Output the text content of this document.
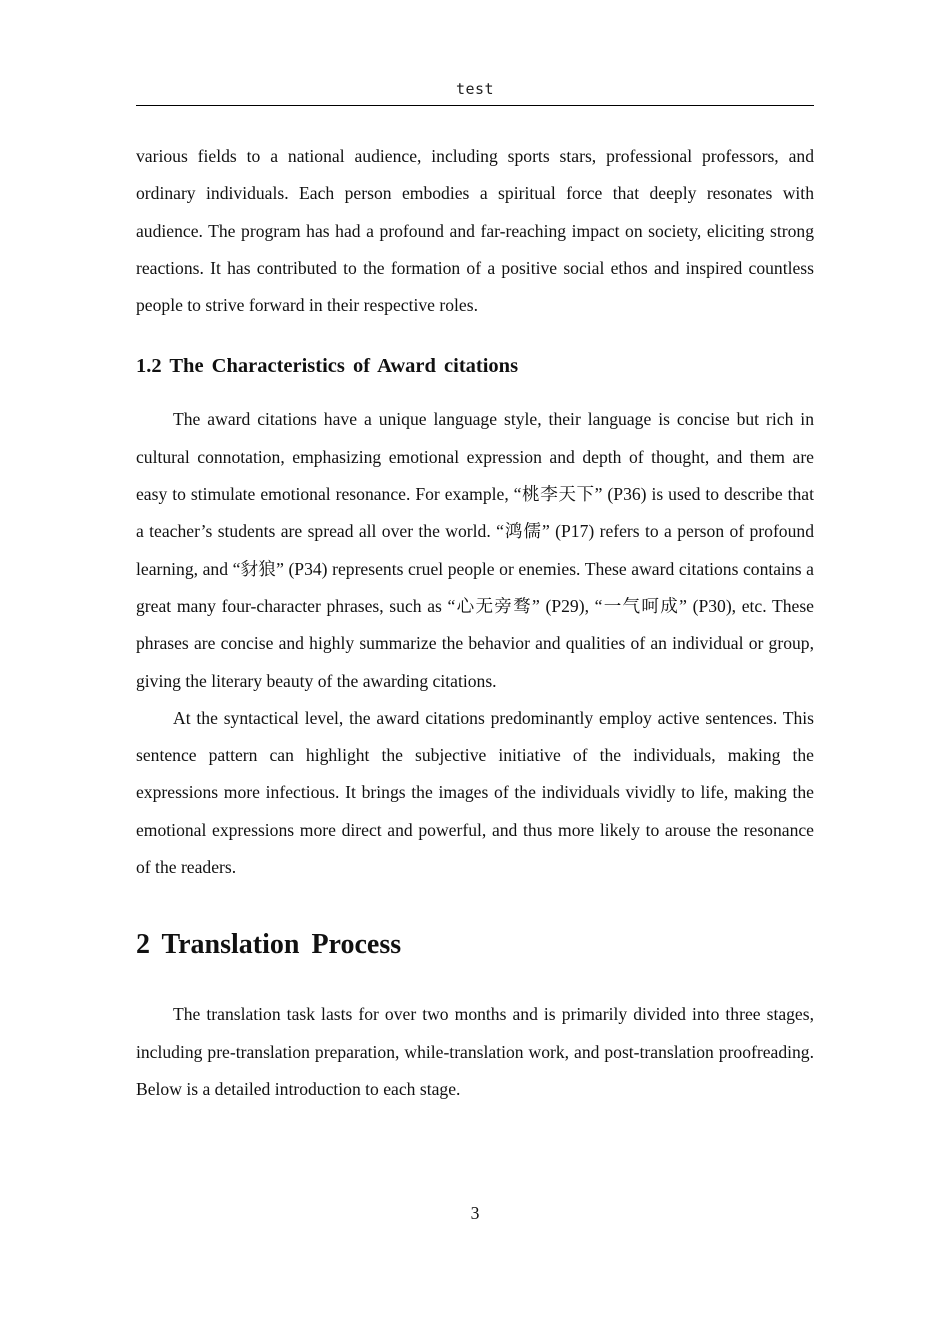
test

various fields to a national audience, including sports stars, professional professors, and ordinary individuals. Each person embodies a spiritual force that deeply resonates with audience. The program has had a profound and far-reaching impact on society, eliciting strong reactions. It has contributed to the formation of a positive social ethos and inspired countless people to strive forward in their respective roles.

1.2 The Characteristics of Award citations

The award citations have a unique language style, their language is concise but rich in cultural connotation, emphasizing emotional expression and depth of thought, and them are easy to stimulate emotional resonance. For example, “桃李天下” (P36) is used to describe that a teacher’s students are spread all over the world. “鸿儒” (P17) refers to a person of profound learning, and “豺狼” (P34) represents cruel people or enemies. These award citations contains a great many four-character phrases, such as “心无旁骛” (P29), “一气呵成” (P30), etc. These phrases are concise and highly summarize the behavior and qualities of an individual or group, giving the literary beauty of the awarding citations.

At the syntactical level, the award citations predominantly employ active sentences. This sentence pattern can highlight the subjective initiative of the individuals, making the expressions more infectious. It brings the images of the individuals vividly to life, making the emotional expressions more direct and powerful, and thus more likely to arouse the resonance of the readers.

2 Translation Process

The translation task lasts for over two months and is primarily divided into three stages, including pre-translation preparation, while-translation work, and post-translation proofreading. Below is a detailed introduction to each stage.

3
